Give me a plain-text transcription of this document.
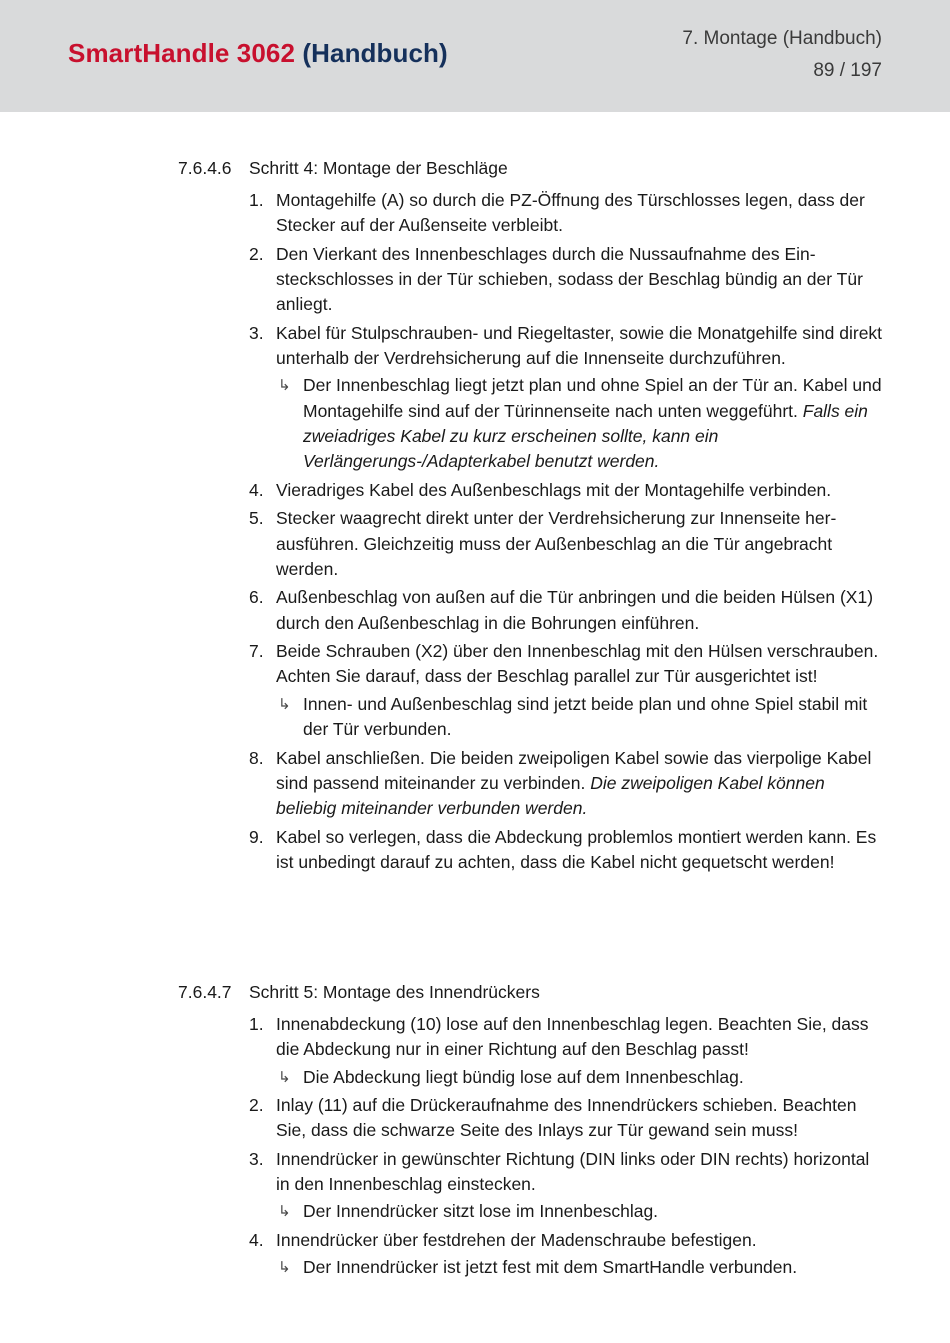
SmartHandle 3062 (Handbuch)	7. Montage (Handbuch)
89 / 197
7.6.4.6 Schritt 4: Montage der Beschläge
1. Montagehilfe (A) so durch die PZ-Öffnung des Türschlosses legen, dass der Stecker auf der Außenseite verbleibt.
2. Den Vierkant des Innenbeschlages durch die Nussaufnahme des Einsteckschlosses in der Tür schieben, sodass der Beschlag bündig an der Tür anliegt.
3. Kabel für Stulpschrauben- und Riegeltaster, sowie die Monatgehilfe sind direkt unterhalb der Verdrehsicherung auf die Innenseite durchzuführen.
↳ Der Innenbeschlag liegt jetzt plan und ohne Spiel an der Tür an. Kabel und Montagehilfe sind auf der Türinnenseite nach unten weggeführt. Falls ein zweiadriges Kabel zu kurz erscheinen sollte, kann ein Verlängerungs-/Adapterkabel benutzt werden.
4. Vieradriges Kabel des Außenbeschlags mit der Montagehilfe verbinden.
5. Stecker waagrecht direkt unter der Verdrehsicherung zur Innenseite herausführen. Gleichzeitig muss der Außenbeschlag an die Tür angebracht werden.
6. Außenbeschlag von außen auf die Tür anbringen und die beiden Hülsen (X1) durch den Außenbeschlag in die Bohrungen einführen.
7. Beide Schrauben (X2) über den Innenbeschlag mit den Hülsen verschrauben. Achten Sie darauf, dass der Beschlag parallel zur Tür ausgerichtet ist!
↳ Innen- und Außenbeschlag sind jetzt beide plan und ohne Spiel stabil mit der Tür verbunden.
8. Kabel anschließen. Die beiden zweipoligen Kabel sowie das vierpolige Kabel sind passend miteinander zu verbinden. Die zweipoligen Kabel können beliebig miteinander verbunden werden.
9. Kabel so verlegen, dass die Abdeckung problemlos montiert werden kann. Es ist unbedingt darauf zu achten, dass die Kabel nicht gequetscht werden!
7.6.4.7 Schritt 5: Montage des Innendrückers
1. Innenabdeckung (10) lose auf den Innenbeschlag legen. Beachten Sie, dass die Abdeckung nur in einer Richtung auf den Beschlag passt!
↳ Die Abdeckung liegt bündig lose auf dem Innenbeschlag.
2. Inlay (11) auf die Drückeraufnahme des Innendrückers schieben. Beachten Sie, dass die schwarze Seite des Inlays zur Tür gewand sein muss!
3. Innendrücker in gewünschter Richtung (DIN links oder DIN rechts) horizontal in den Innenbeschlag einstecken.
↳ Der Innendrücker sitzt lose im Innenbeschlag.
4. Innendrücker über festdrehen der Madenschraube befestigen.
↳ Der Innendrücker ist jetzt fest mit dem SmartHandle verbunden.
